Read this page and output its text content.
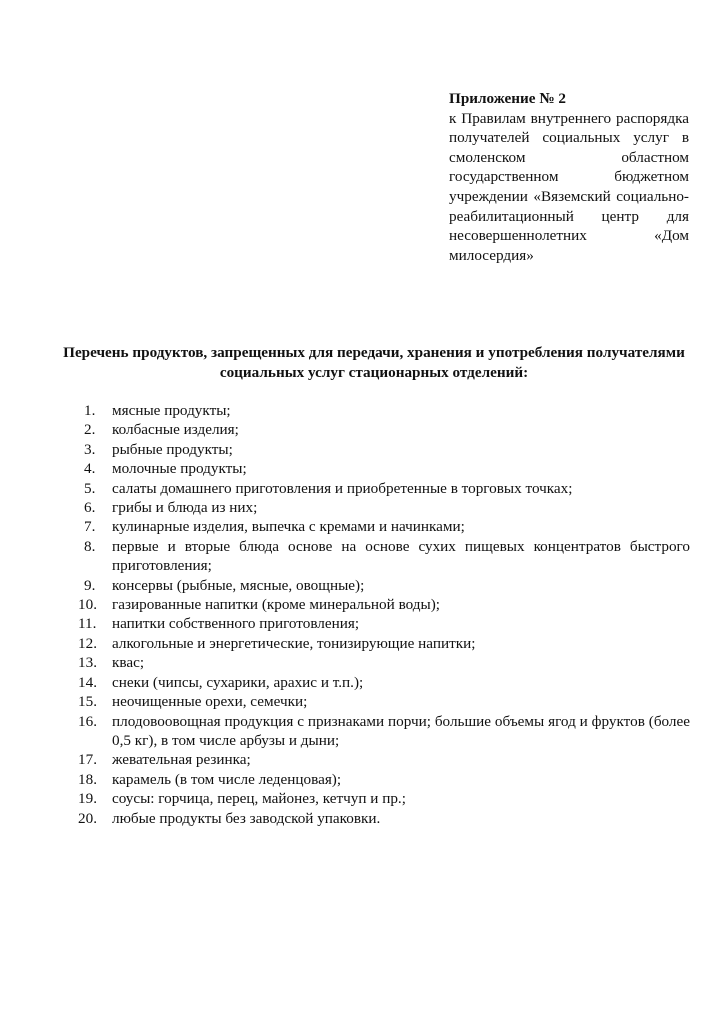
Приложение № 2

к Правилам внутреннего распорядка получателей социальных услуг в смоленском областном государственном бюджетном учреждении «Вяземский социально-реабилитационный центр для несовершеннолетних «Дом милосердия»

Перечень продуктов, запрещенных для передачи, хранения и употребления получателями социальных услуг стационарных отделений:

1. мясные продукты;
2. колбасные изделия;
3. рыбные продукты;
4. молочные продукты;
5. салаты домашнего приготовления и приобретенные в торговых точках;
6. грибы и блюда из них;
7. кулинарные изделия, выпечка с кремами и начинками;
8. первые и вторые блюда основе на основе сухих пищевых концентратов быстрого приготовления;
9. консервы (рыбные, мясные, овощные);
10. газированные напитки (кроме минеральной воды);
11. напитки собственного приготовления;
12. алкогольные и энергетические, тонизирующие напитки;
13. квас;
14. снеки (чипсы, сухарики, арахис и т.п.);
15. неочищенные орехи, семечки;
16. плодовоовощная продукция с признаками порчи; большие объемы ягод и фруктов (более 0,5 кг), в том числе арбузы и дыни;
17. жевательная резинка;
18. карамель (в том числе леденцовая);
19. соусы: горчица, перец, майонез, кетчуп и пр.;
20. любые продукты без заводской упаковки.
